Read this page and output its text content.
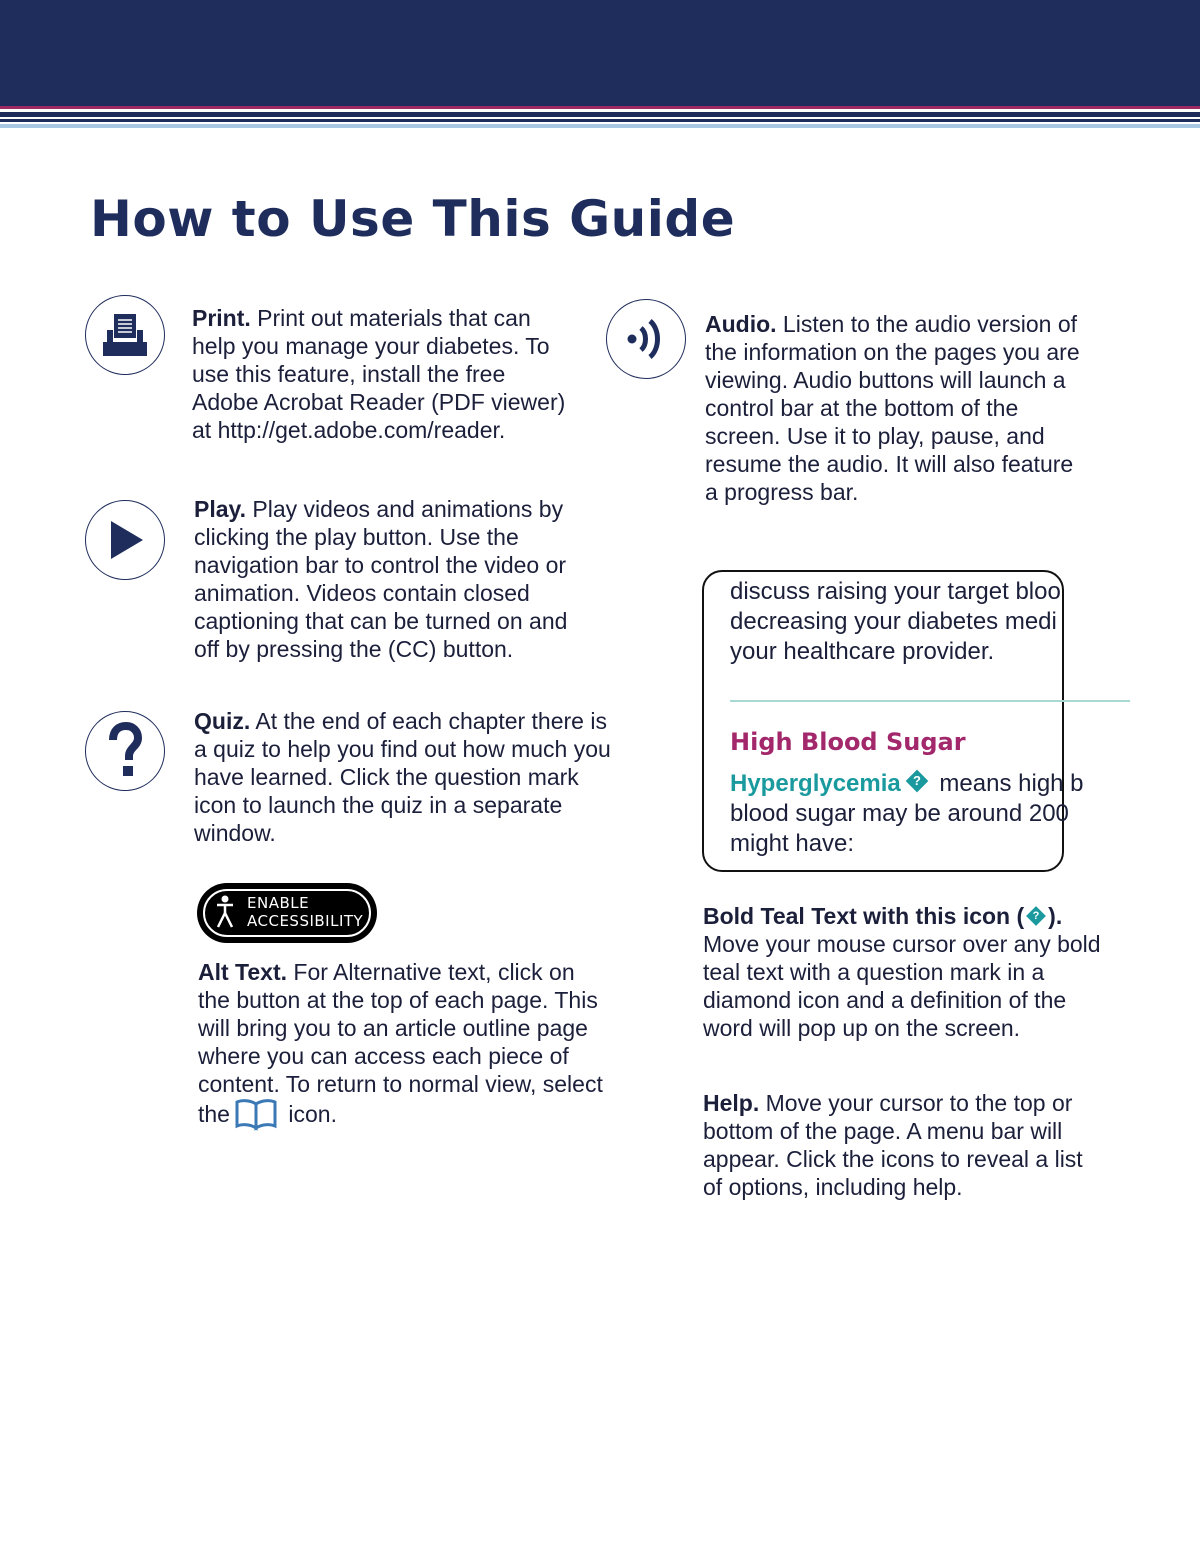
How to Use This Guide

Print. Print out materials that can help you manage your diabetes. To use this feature, install the free Adobe Acrobat Reader (PDF viewer) at http://get.adobe.com/reader.

Play. Play videos and animations by clicking the play button. Use the navigation bar to control the video or animation. Videos contain closed captioning that can be turned on and off by pressing the (CC) button.

Quiz. At the end of each chapter there is a quiz to help you find out how much you have learned. Click the question mark icon to launch the quiz in a separate window.

ENABLE
ACCESSIBILITY

Alt Text. For Alternative text, click on the button at the top of each page. This will bring you to an article outline page where you can access each piece of content. To return to normal view, select the icon.

Audio. Listen to the audio version of the information on the pages you are viewing. Audio buttons will launch a control bar at the bottom of the screen. Use it to play, pause, and resume the audio. It will also feature a progress bar.

discuss raising your target bloo
decreasing your diabetes medi
your healthcare provider.
High Blood Sugar
Hyperglycemia ? means high b
blood sugar may be around 200
might have:

Bold Teal Text with this icon ( ? ).

Move your mouse cursor over any bold teal text with a question mark in a diamond icon and a definition of the word will pop up on the screen.

Help. Move your cursor to the top or bottom of the page. A menu bar will appear. Click the icons to reveal a list of options, including help.
